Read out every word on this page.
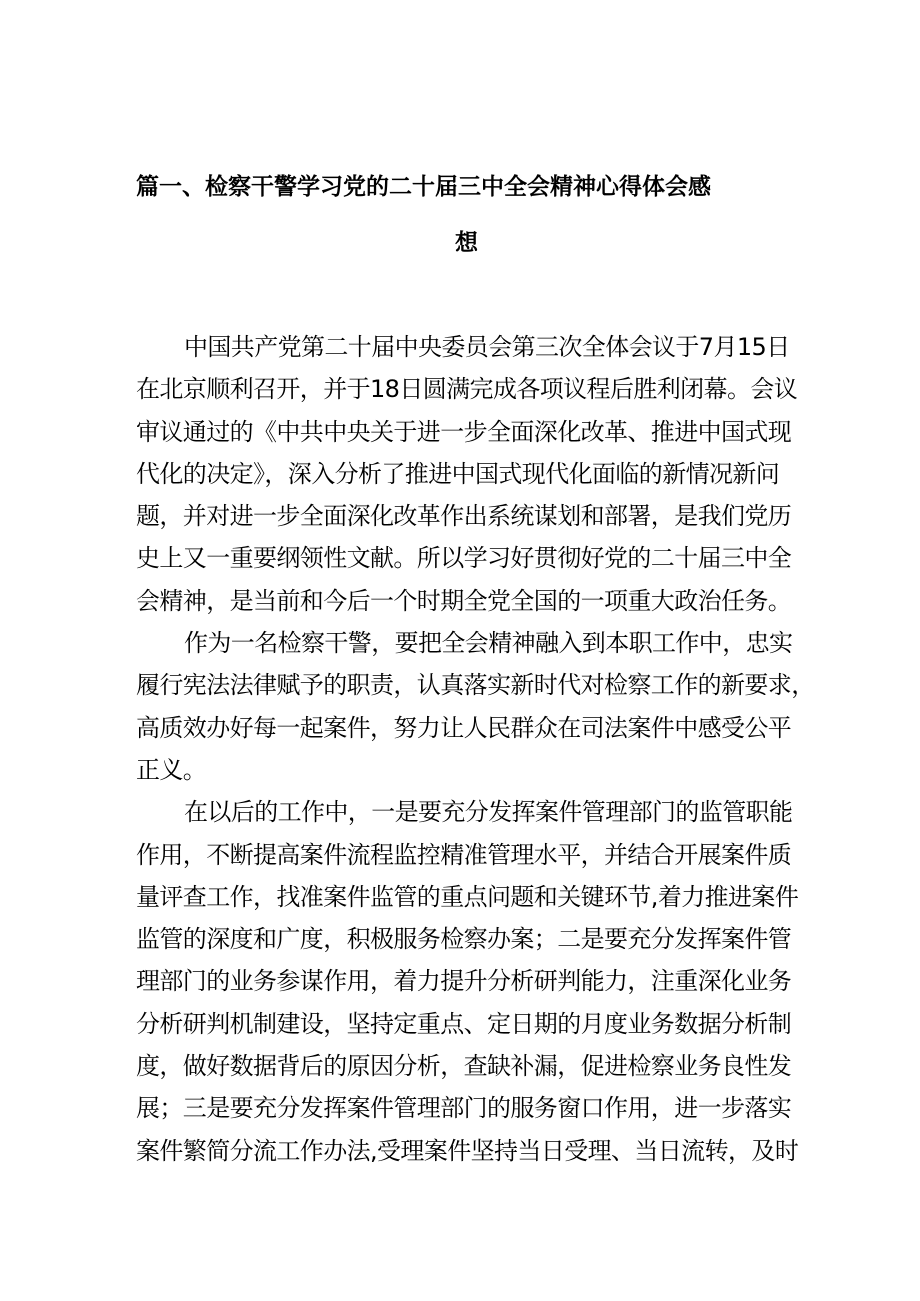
篇一、检察干警学习党的二十届三中全会精神心得体会感
想
中国共产党第二十届中央委员会第三次全体会议于7月15日
在北京顺利召开，并于18日圆满完成各项议程后胜利闭幕。会议
审议通过的《中共中央关于进一步全面深化改革、推进中国式现
代化的决定》，深入分析了推进中国式现代化面临的新情况新问
题，并对进一步全面深化改革作出系统谋划和部署，是我们党历
史上又一重要纲领性文献。所以学习好贯彻好党的二十届三中全
会精神，是当前和今后一个时期全党全国的一项重大政治任务。
作为一名检察干警，要把全会精神融入到本职工作中，忠实
履行宪法法律赋予的职责，认真落实新时代对检察工作的新要求，
高质效办好每一起案件，努力让人民群众在司法案件中感受公平
正义。
在以后的工作中，一是要充分发挥案件管理部门的监管职能
作用，不断提高案件流程监控精准管理水平，并结合开展案件质
量评查工作，找准案件监管的重点问题和关键环节,着力推进案件
监管的深度和广度，积极服务检察办案；二是要充分发挥案件管
理部门的业务参谋作用，着力提升分析研判能力，注重深化业务
分析研判机制建设，坚持定重点、定日期的月度业务数据分析制
度，做好数据背后的原因分析，查缺补漏，促进检察业务良性发
展；三是要充分发挥案件管理部门的服务窗口作用，进一步落实
案件繁简分流工作办法,受理案件坚持当日受理、当日流转，及时
